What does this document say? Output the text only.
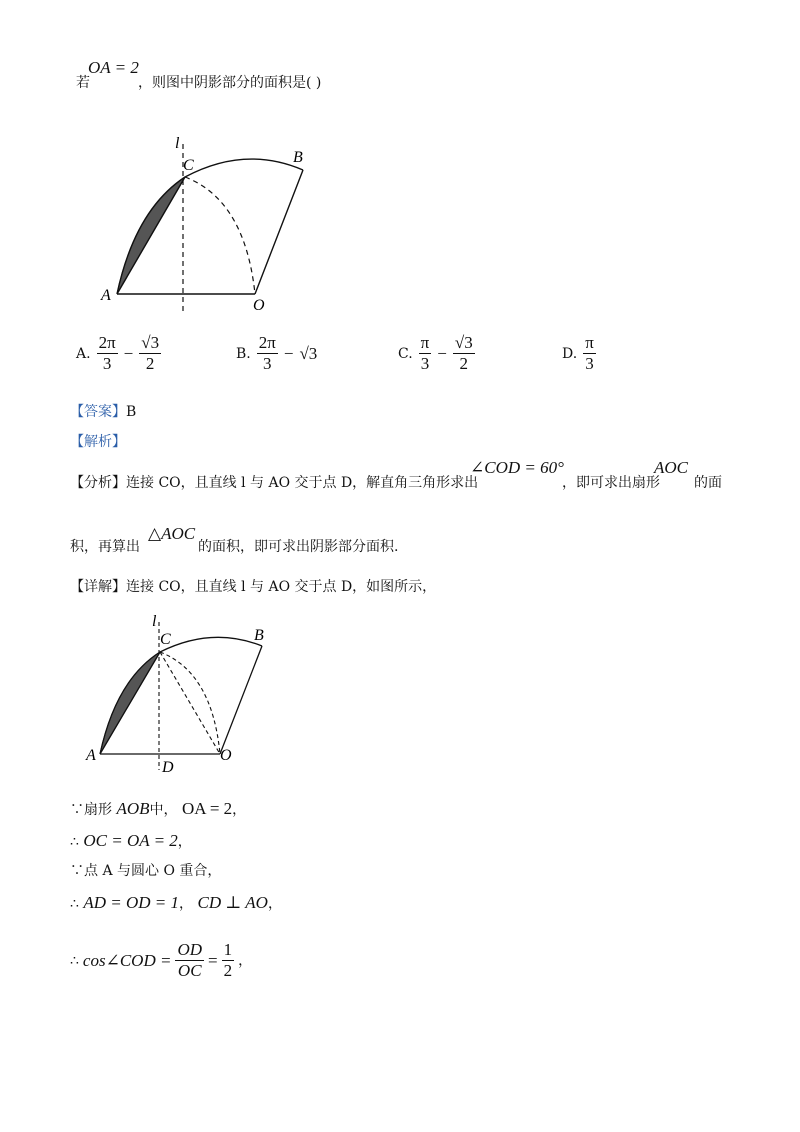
若
OA = 2
，则图中阴影部分的面积是( )
l
C	B
A
O
A. $\frac{2\pi}{3} - \frac{√3}{2}$	B. $\frac{2\pi}{3} - √3$	C. $\frac{\pi}{3} - \frac{√3}{2}$	D. $\frac{\pi}{3}$
【答案】B
【解析】
【分析】连接 CO，且直线 l 与 AO 交于点 D，解直角三角形求出
∠COD = 60°
，即可求出扇形
AOC
的面
积，再算出
△AOC
的面积，即可求出阴影部分面积.
【详解】连接 CO，且直线 l 与 AO 交于点 D，如图所示，
l
C	B
A	O
D
∵扇形 AOB中， OA = 2，
∴ OC = OA = 2，
∵点 A 与圆心 O 重合，
∴ AD = OD = 1， CD ⊥ AO，
∴ cos∠COD = $\frac{OD}{OC} = \frac{1}{2}$ ，
